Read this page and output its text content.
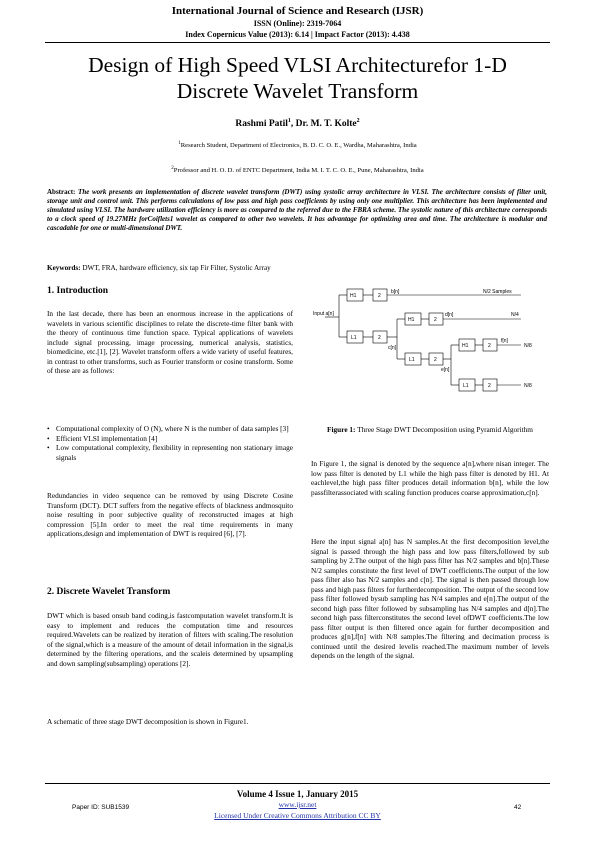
International Journal of Science and Research (IJSR)
ISSN (Online): 2319-7064
Index Copernicus Value (2013): 6.14 | Impact Factor (2013): 4.438
Design of High Speed VLSI Architecturefor 1-D
Discrete Wavelet Transform
Rashmi Patil$^1$, Dr. M. T. Kolte$^2$
$^1$Research Student, Department of Electronics, B. D. C. O. E., Wardha, Maharashtra, India
$^2$Professor and H. O. D. of ENTC Department, India M. I. T. C. O. E., Pune, Maharashtra, India
Abstract: The work presents an implementation of discrete wavelet transform (DWT) using systolic array architecture in VLSI. The architecture consists of filter unit, storage unit and control unit. This performs calculations of low pass and high pass coefficients by using only one multiplier. This architecture has been implemented and simulated using VLSI. The hardware utilization efficiency is more as compared to the referred due to the FBRA scheme. The systolic nature of this architecture corresponds to a clock speed of 19.27MHz forCoiflets1 wavelet as compared to other two wavelets. It has advantage for optimizing area and time. The architecture is modular and cascadable for one or multi-dimensional DWT.
Keywords: DWT, FRA, hardware efficiency, six tap Fir Filter, Systolic Array
1. Introduction
In the last decade, there has been an enormous increase in the applications of wavelets in various scientific disciplines to relate the discrete-time filter bank with the theory of continuous time function space. Typical applications of wavelets include signal processing, image processing, numerical analysis, statistics, biomedicine, etc.[1], [2]. Wavelet transform offers a wide variety of useful features, in contrast to other transforms, such as Fourier transform or cosine transform. Some of these are as follows:
• Computational complexity of O (N), where N is the number of data samples [3]
• Efficient VLSI implementation [4]
• Low computational complexity, flexibility in representing non stationary image signals
Redundancies in video sequence can be removed by using Discrete Cosine Transform (DCT). DCT suffers from the negative effects of blackness andmosquito noise resulting in poor subjective quality of reconstructed images at high compression [5].In order to meet the real time requirements in many applications,design and implementation of DWT is required [6], [7].
2. Discrete Wavelet Transform
DWT which is based onsub band coding,is fastcomputation wavelet transform.It is easy to implement and reduces the computation time and resources required.Wavelets can be realized by iteration of filters with scaling.The resolution of the signal,which is a measure of the amount of detail information in the signal,is determined by the filtering operations, and the scaleis determined by upsampling and down sampling(subsampling) operations [2].
A schematic of three stage DWT decomposition is shown in Figure1.
Input a[n]
H1
L1
2
2
b[n]
c[n]
N/2 Samples
H1
L1
2
2
d[n]
e[n]
N/4
H1
L1
2
2
f[n]
N/8
N/8
Figure 1: Three Stage DWT Decomposition using Pyramid Algorithm
In Figure 1, the signal is denoted by the sequence a[n],where nisan integer. The low pass filter is denoted by L1 while the high pass filter is denoted by H1. At eachlevel,the high pass filter produces detail information b[n], while the low passfilterassociated with scaling function produces coarse approximation,c[n].
Here the input signal a[n] has N samples.At the first decomposition level,the signal is passed through the high pass and low pass filters,followed by sub sampling by 2.The output of the high pass filter has N/2 samples and b[n].These N/2 samples constitute the first level of DWT coefficients.The output of the low pass filter also has N/2 samples and c[n]. The signal is then passed through low pass and high pass filters for furtherdecomposition. The output of the second low pass filter followed bysub sampling has N/4 samples and e[n].The output of the second high pass filter followed by subsampling has N/4 samples and d[n].The second high pass filterconstitutes the second level ofDWT coefficients.The low pass filter output is then filtered once again for further decomposition and produces g[n],f[n] with N/8 samples.The filtering and decimation process is continued until the desired levelis reached.The maximum number of levels depends on the length of the signal.
Volume 4 Issue 1, January 2015
www.ijsr.net
Licensed Under Creative Commons Attribution CC BY
Paper ID: SUB1539	42
